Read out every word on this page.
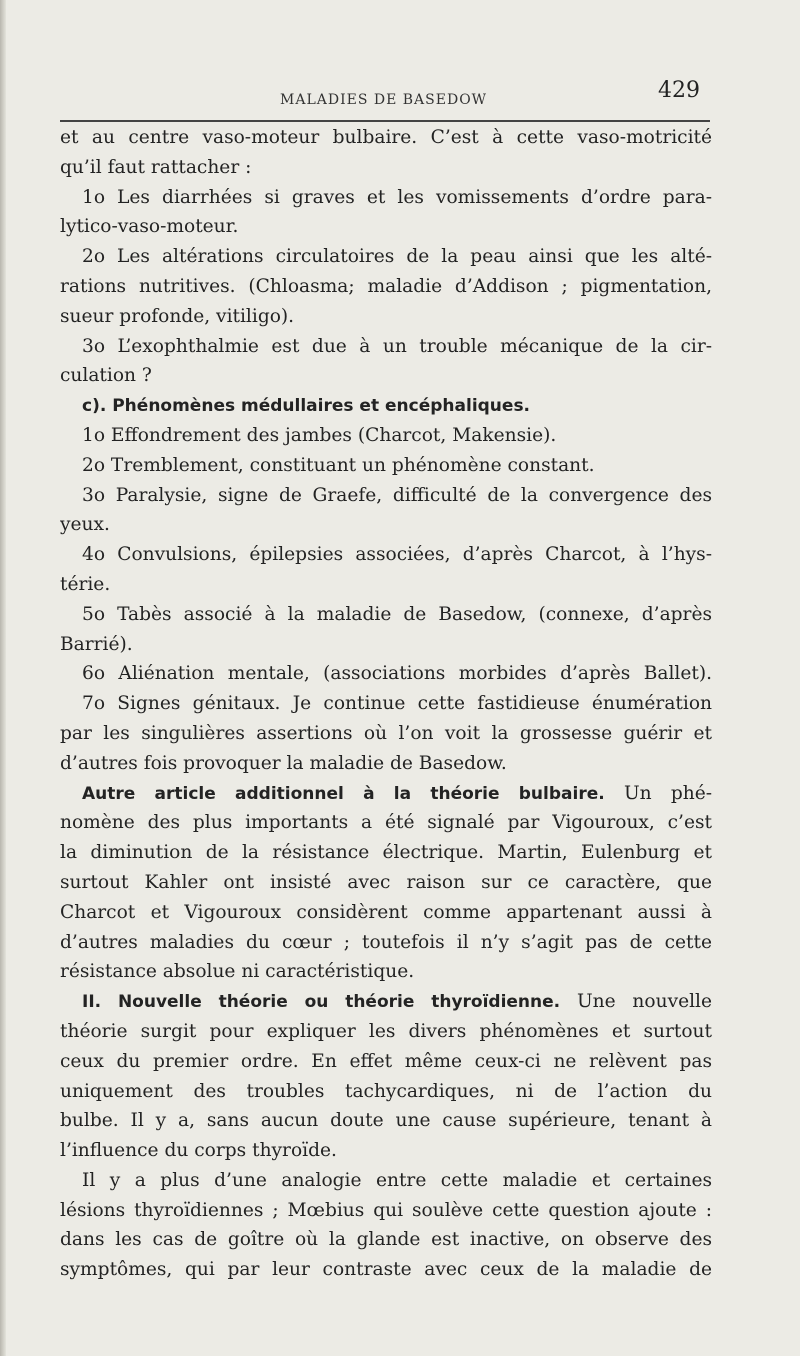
MALADIES DE BASEDOW	429
et au centre vaso-moteur bulbaire. C’est à cette vaso-motricité
qu’il faut rattacher :
1o Les diarrhées si graves et les vomissements d’ordre para-
lytico-vaso-moteur.
2o Les altérations circulatoires de la peau ainsi que les alté-
rations nutritives. (Chloasma; maladie d’Addison ; pigmentation,
sueur profonde, vitiligo).
3o L’exophthalmie est due à un trouble mécanique de la cir-
culation ?
c). Phénomènes médullaires et encéphaliques.
1o Effondrement des jambes (Charcot, Makensie).
2o Tremblement, constituant un phénomène constant.
3o Paralysie, signe de Graefe, difficulté de la convergence des
yeux.
4o Convulsions, épilepsies associées, d’après Charcot, à l’hys-
térie.
5o Tabès associé à la maladie de Basedow, (connexe, d’après
Barrié).
6o Aliénation mentale, (associations morbides d’après Ballet).
7o Signes génitaux. Je continue cette fastidieuse énumération
par les singulières assertions où l’on voit la grossesse guérir et
d’autres fois provoquer la maladie de Basedow.
Autre article additionnel à la théorie bulbaire. Un phé-
nomène des plus importants a été signalé par Vigouroux, c’est
la diminution de la résistance électrique. Martin, Eulenburg et
surtout Kahler ont insisté avec raison sur ce caractère, que
Charcot et Vigouroux considèrent comme appartenant aussi à
d’autres maladies du cœur ; toutefois il n’y s’agit pas de cette
résistance absolue ni caractéristique.
II. Nouvelle théorie ou théorie thyroïdienne. Une nouvelle
théorie surgit pour expliquer les divers phénomènes et surtout
ceux du premier ordre. En effet même ceux-ci ne relèvent pas
uniquement des troubles tachycardiques, ni de l’action du
bulbe. Il y a, sans aucun doute une cause supérieure, tenant à
l’influence du corps thyroïde.
Il y a plus d’une analogie entre cette maladie et certaines
lésions thyroïdiennes ; Mœbius qui soulève cette question ajoute :
dans les cas de goître où la glande est inactive, on observe des
symptômes, qui par leur contraste avec ceux de la maladie de
